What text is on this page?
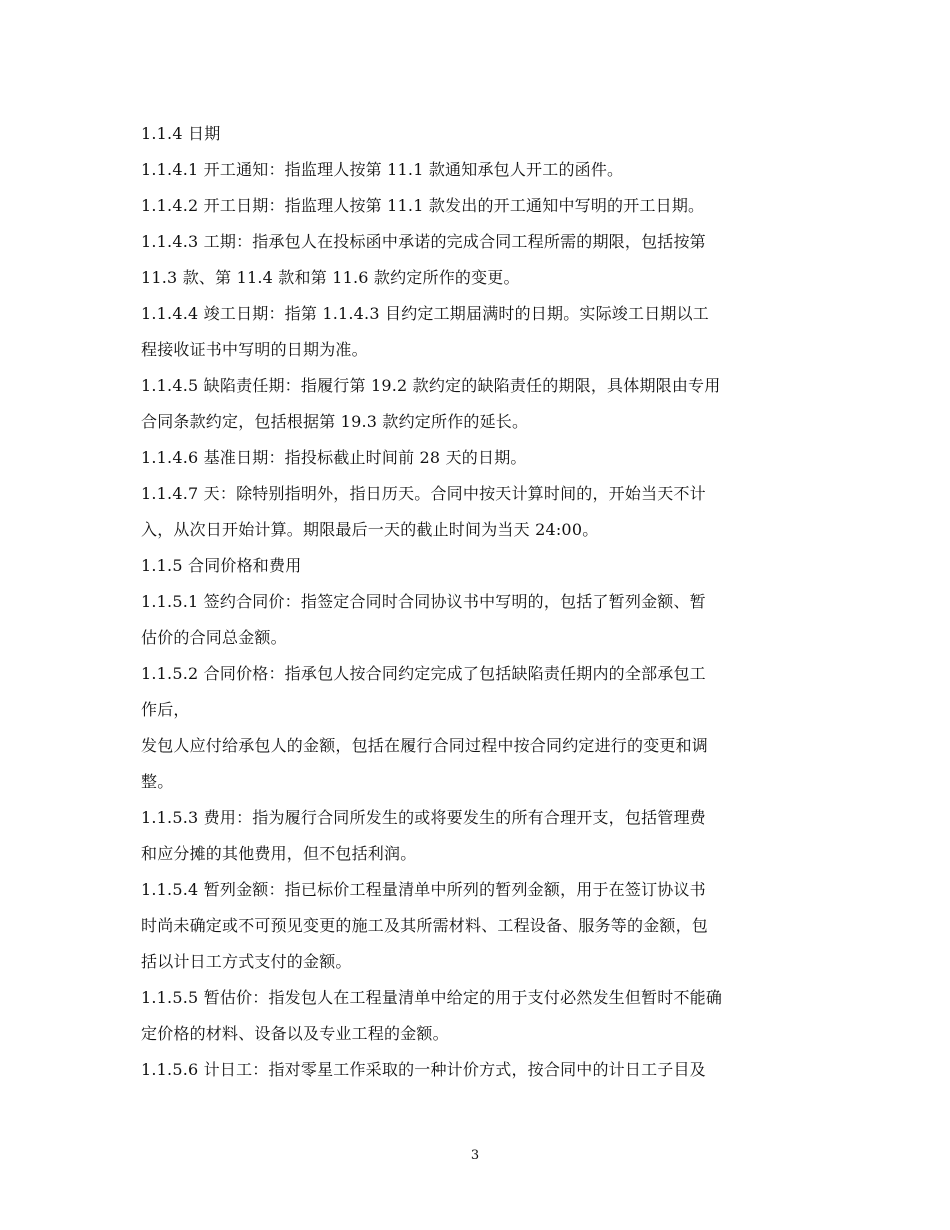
1.1.4 日期
1.1.4.1 开工通知：指监理人按第 11.1 款通知承包人开工的函件。
1.1.4.2 开工日期：指监理人按第 11.1 款发出的开工通知中写明的开工日期。
1.1.4.3 工期：指承包人在投标函中承诺的完成合同工程所需的期限，包括按第
11.3 款、第 11.4 款和第 11.6 款约定所作的变更。
1.1.4.4 竣工日期：指第 1.1.4.3 目约定工期届满时的日期。实际竣工日期以工
程接收证书中写明的日期为准。
1.1.4.5 缺陷责任期：指履行第 19.2 款约定的缺陷责任的期限，具体期限由专用
合同条款约定，包括根据第 19.3 款约定所作的延长。
1.1.4.6 基准日期：指投标截止时间前 28 天的日期。
1.1.4.7 天：除特别指明外，指日历天。合同中按天计算时间的，开始当天不计
入，从次日开始计算。期限最后一天的截止时间为当天 24:00。
1.1.5 合同价格和费用
1.1.5.1 签约合同价：指签定合同时合同协议书中写明的，包括了暂列金额、暂
估价的合同总金额。
1.1.5.2 合同价格：指承包人按合同约定完成了包括缺陷责任期内的全部承包工
作后，
发包人应付给承包人的金额，包括在履行合同过程中按合同约定进行的变更和调
整。
1.1.5.3 费用：指为履行合同所发生的或将要发生的所有合理开支，包括管理费
和应分摊的其他费用，但不包括利润。
1.1.5.4 暂列金额：指已标价工程量清单中所列的暂列金额，用于在签订协议书
时尚未确定或不可预见变更的施工及其所需材料、工程设备、服务等的金额，包
括以计日工方式支付的金额。
1.1.5.5 暂估价：指发包人在工程量清单中给定的用于支付必然发生但暂时不能确
定价格的材料、设备以及专业工程的金额。
1.1.5.6 计日工：指对零星工作采取的一种计价方式，按合同中的计日工子目及
3
